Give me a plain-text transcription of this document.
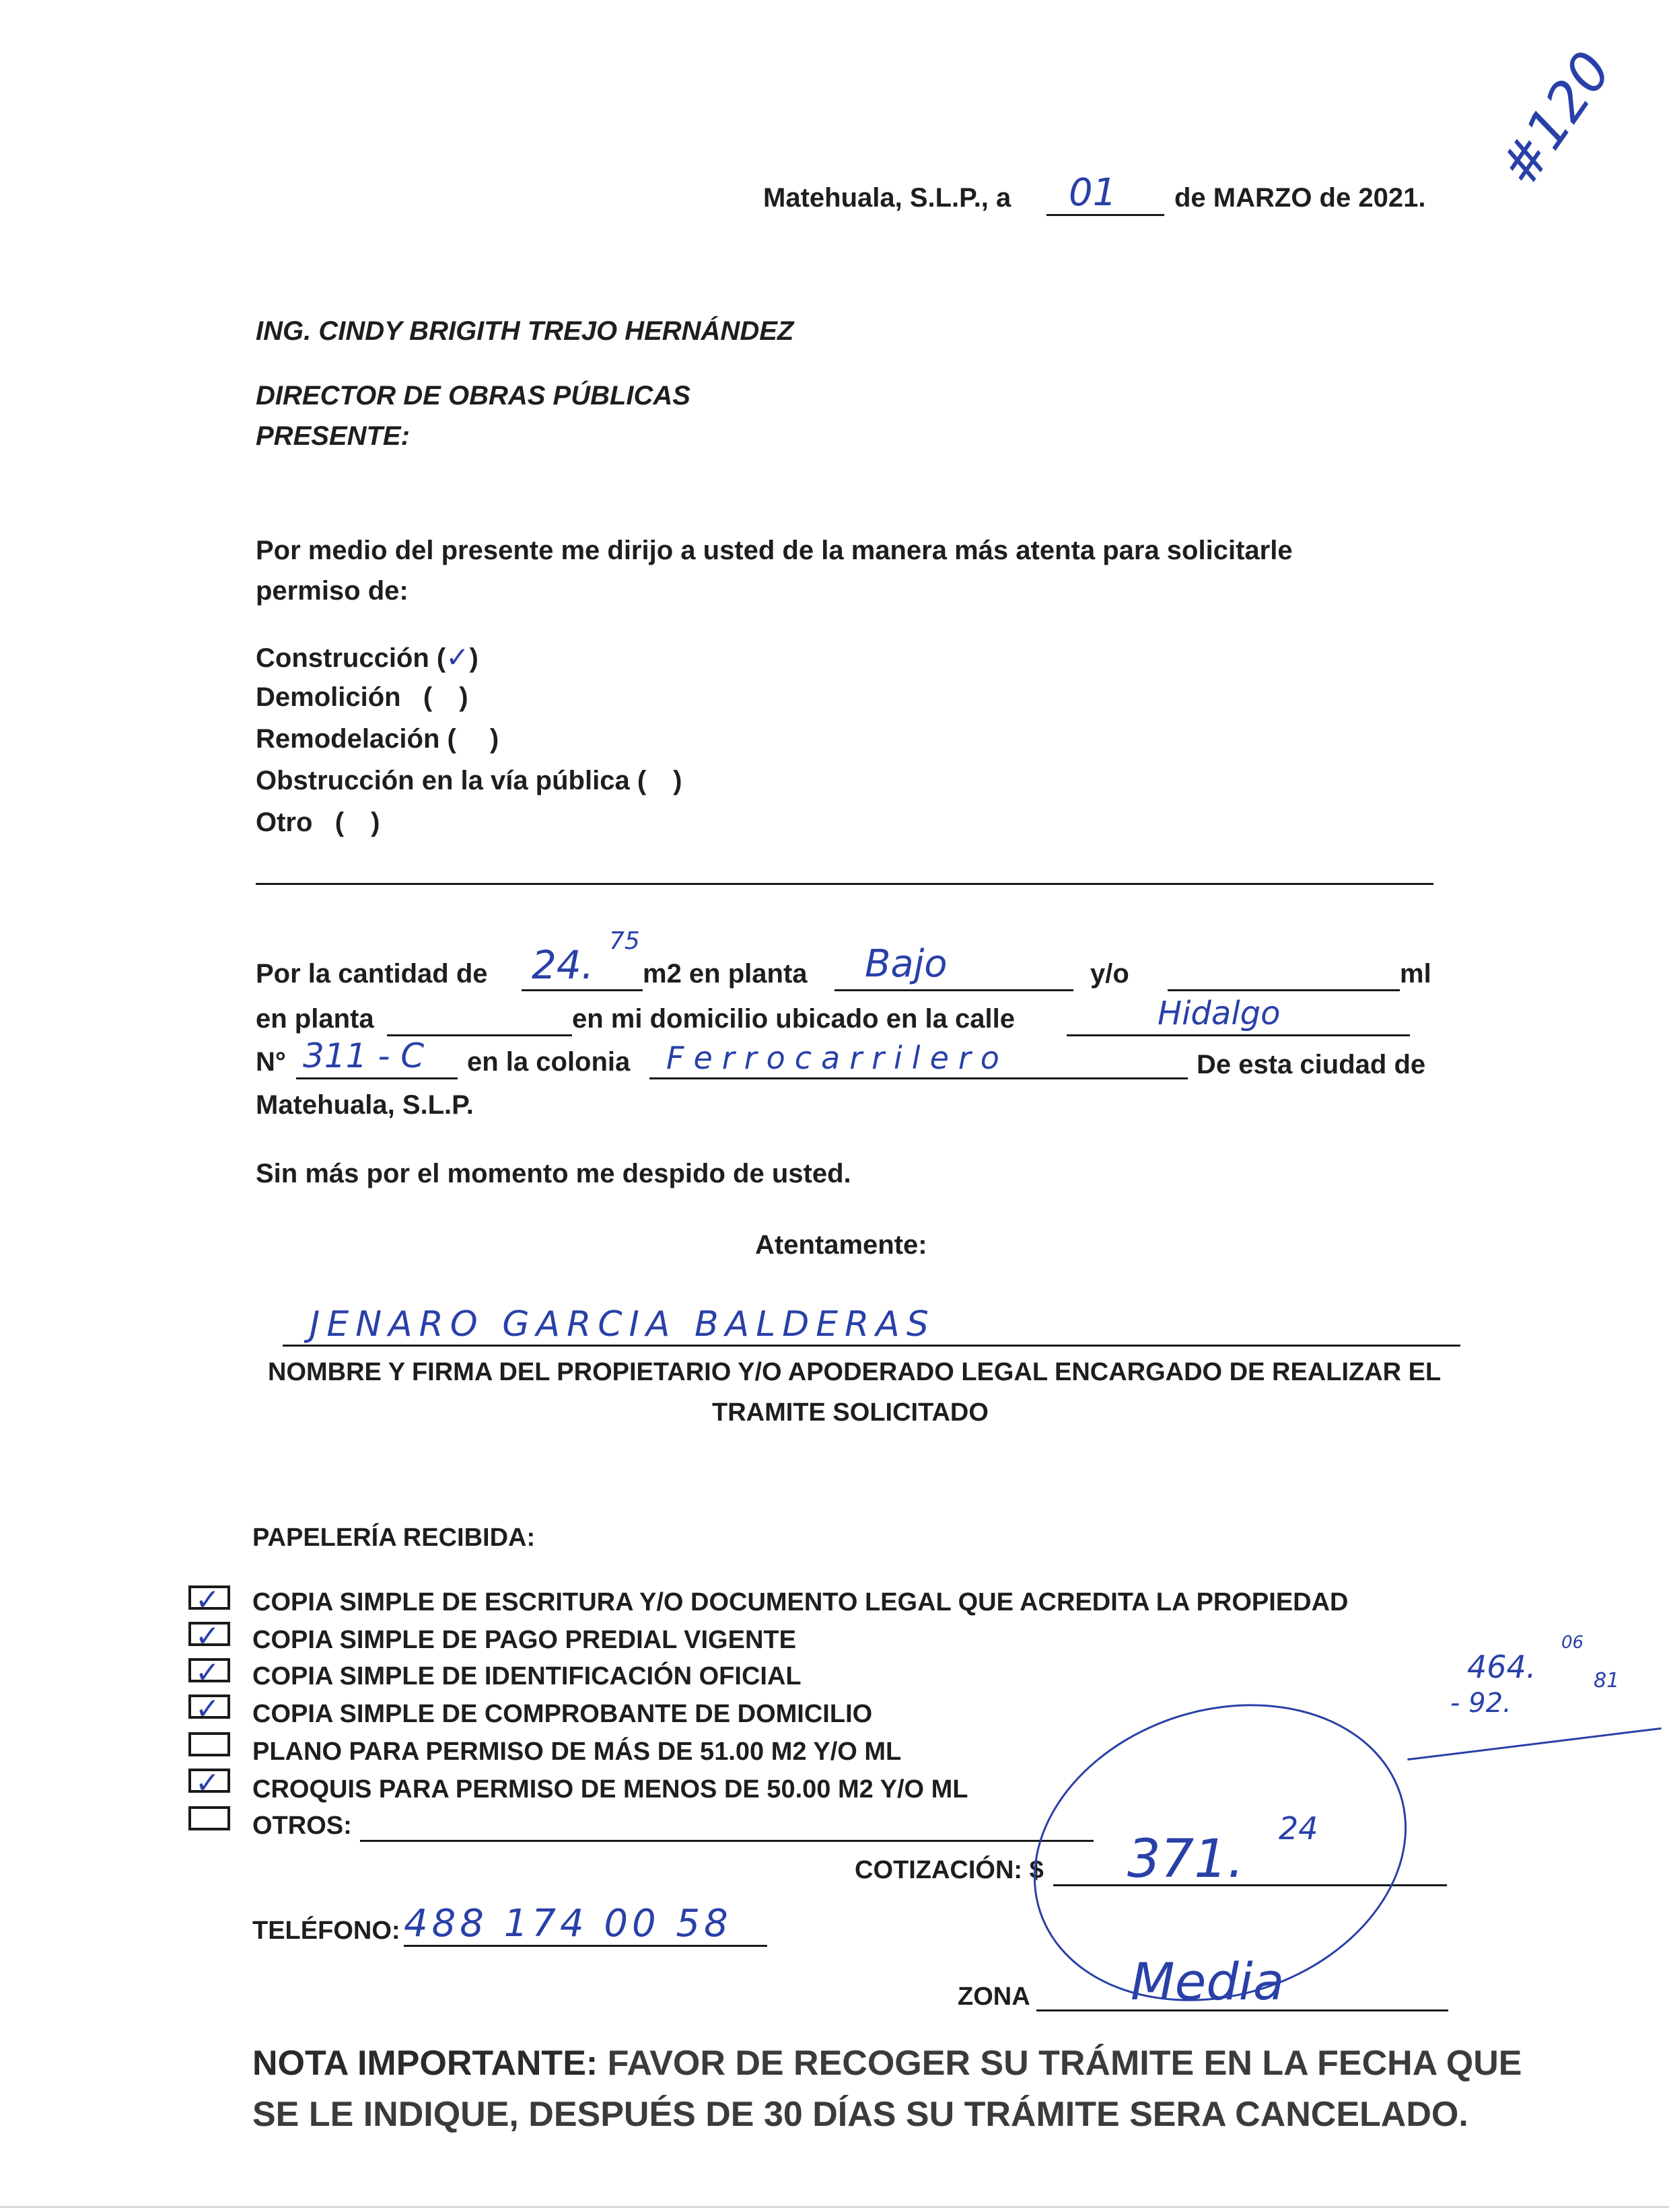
Matehuala, S.L.P., a 01 de MARZO de 2021.
#120
ING. CINDY BRIGITH TREJO HERNÁNDEZ
DIRECTOR DE OBRAS PÚBLICAS
PRESENTE:
Por medio del presente me dirijo a usted de la manera más atenta para solicitarle
permiso de:
Construcción (✓)
Demolición   ( )
Remodelación ( )
Obstrucción en la vía pública ( )
Otro   ( )
Por la cantidad de 24.
75
m2 en planta Bajo	y/o	ml
en planta	en mi domicilio ubicado en la calle	Hidalgo
N° 311 - C en la colonia Ferrocarrilero	De esta ciudad de
Matehuala, S.L.P.
Sin más por el momento me despido de usted.
Atentamente:
JENARO GARCIA BALDERAS
NOMBRE Y FIRMA DEL PROPIETARIO Y/O APODERADO LEGAL ENCARGADO DE REALIZAR EL
TRAMITE SOLICITADO
PAPELERÍA RECIBIDA:
✓ COPIA SIMPLE DE ESCRITURA Y/O DOCUMENTO LEGAL QUE ACREDITA LA PROPIEDAD
✓ COPIA SIMPLE DE PAGO PREDIAL VIGENTE
✓ COPIA SIMPLE DE IDENTIFICACIÓN OFICIAL
✓ COPIA SIMPLE DE COMPROBANTE DE DOMICILIO
PLANO PARA PERMISO DE MÁS DE 51.00 M2 Y/O ML
✓ CROQUIS PARA PERMISO DE MENOS DE 50.00 M2 Y/O ML
OTROS:
COTIZACIÓN: $ 371.
24
464.
06
- 92.
81
TELÉFONO: 488 174 00 58
ZONA Media
NOTA IMPORTANTE: FAVOR DE RECOGER SU TRÁMITE EN LA FECHA QUE
SE LE INDIQUE, DESPUÉS DE 30 DÍAS SU TRÁMITE SERA CANCELADO.
